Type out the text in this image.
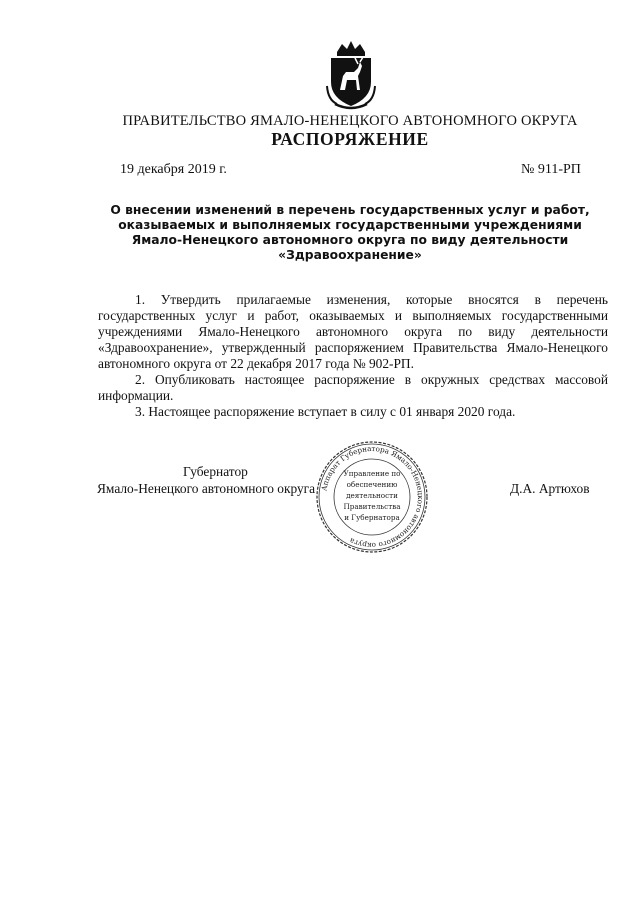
ПРАВИТЕЛЬСТВО ЯМАЛО-НЕНЕЦКОГО АВТОНОМНОГО ОКРУГА
РАСПОРЯЖЕНИЕ
19 декабря 2019 г.	№ 911-РП
О внесении изменений в перечень государственных услуг и работ,
оказываемых и выполняемых государственными учреждениями
Ямало-Ненецкого автономного округа по виду деятельности
«Здравоохранение»

1. Утвердить прилагаемые изменения, которые вносятся в перечень государственных услуг и работ, оказываемых и выполняемых государственными учреждениями Ямало-Ненецкого автономного округа по виду деятельности «Здравоохранение», утвержденный распоряжением Правительства Ямало-Ненецкого автономного округа от 22 декабря 2017 года № 902-РП.

2. Опубликовать настоящее распоряжение в окружных средствах массовой информации.

3. Настоящее распоряжение вступает в силу с 01 января 2020 года.

Губернатор
Ямало-Ненецкого автономного округа	Д.А. Артюхов
Аппарат Губернатора Ямало-Ненецкого автономного округа
Управление по
обеспечению
деятельности
Правительства
и Губернатора
